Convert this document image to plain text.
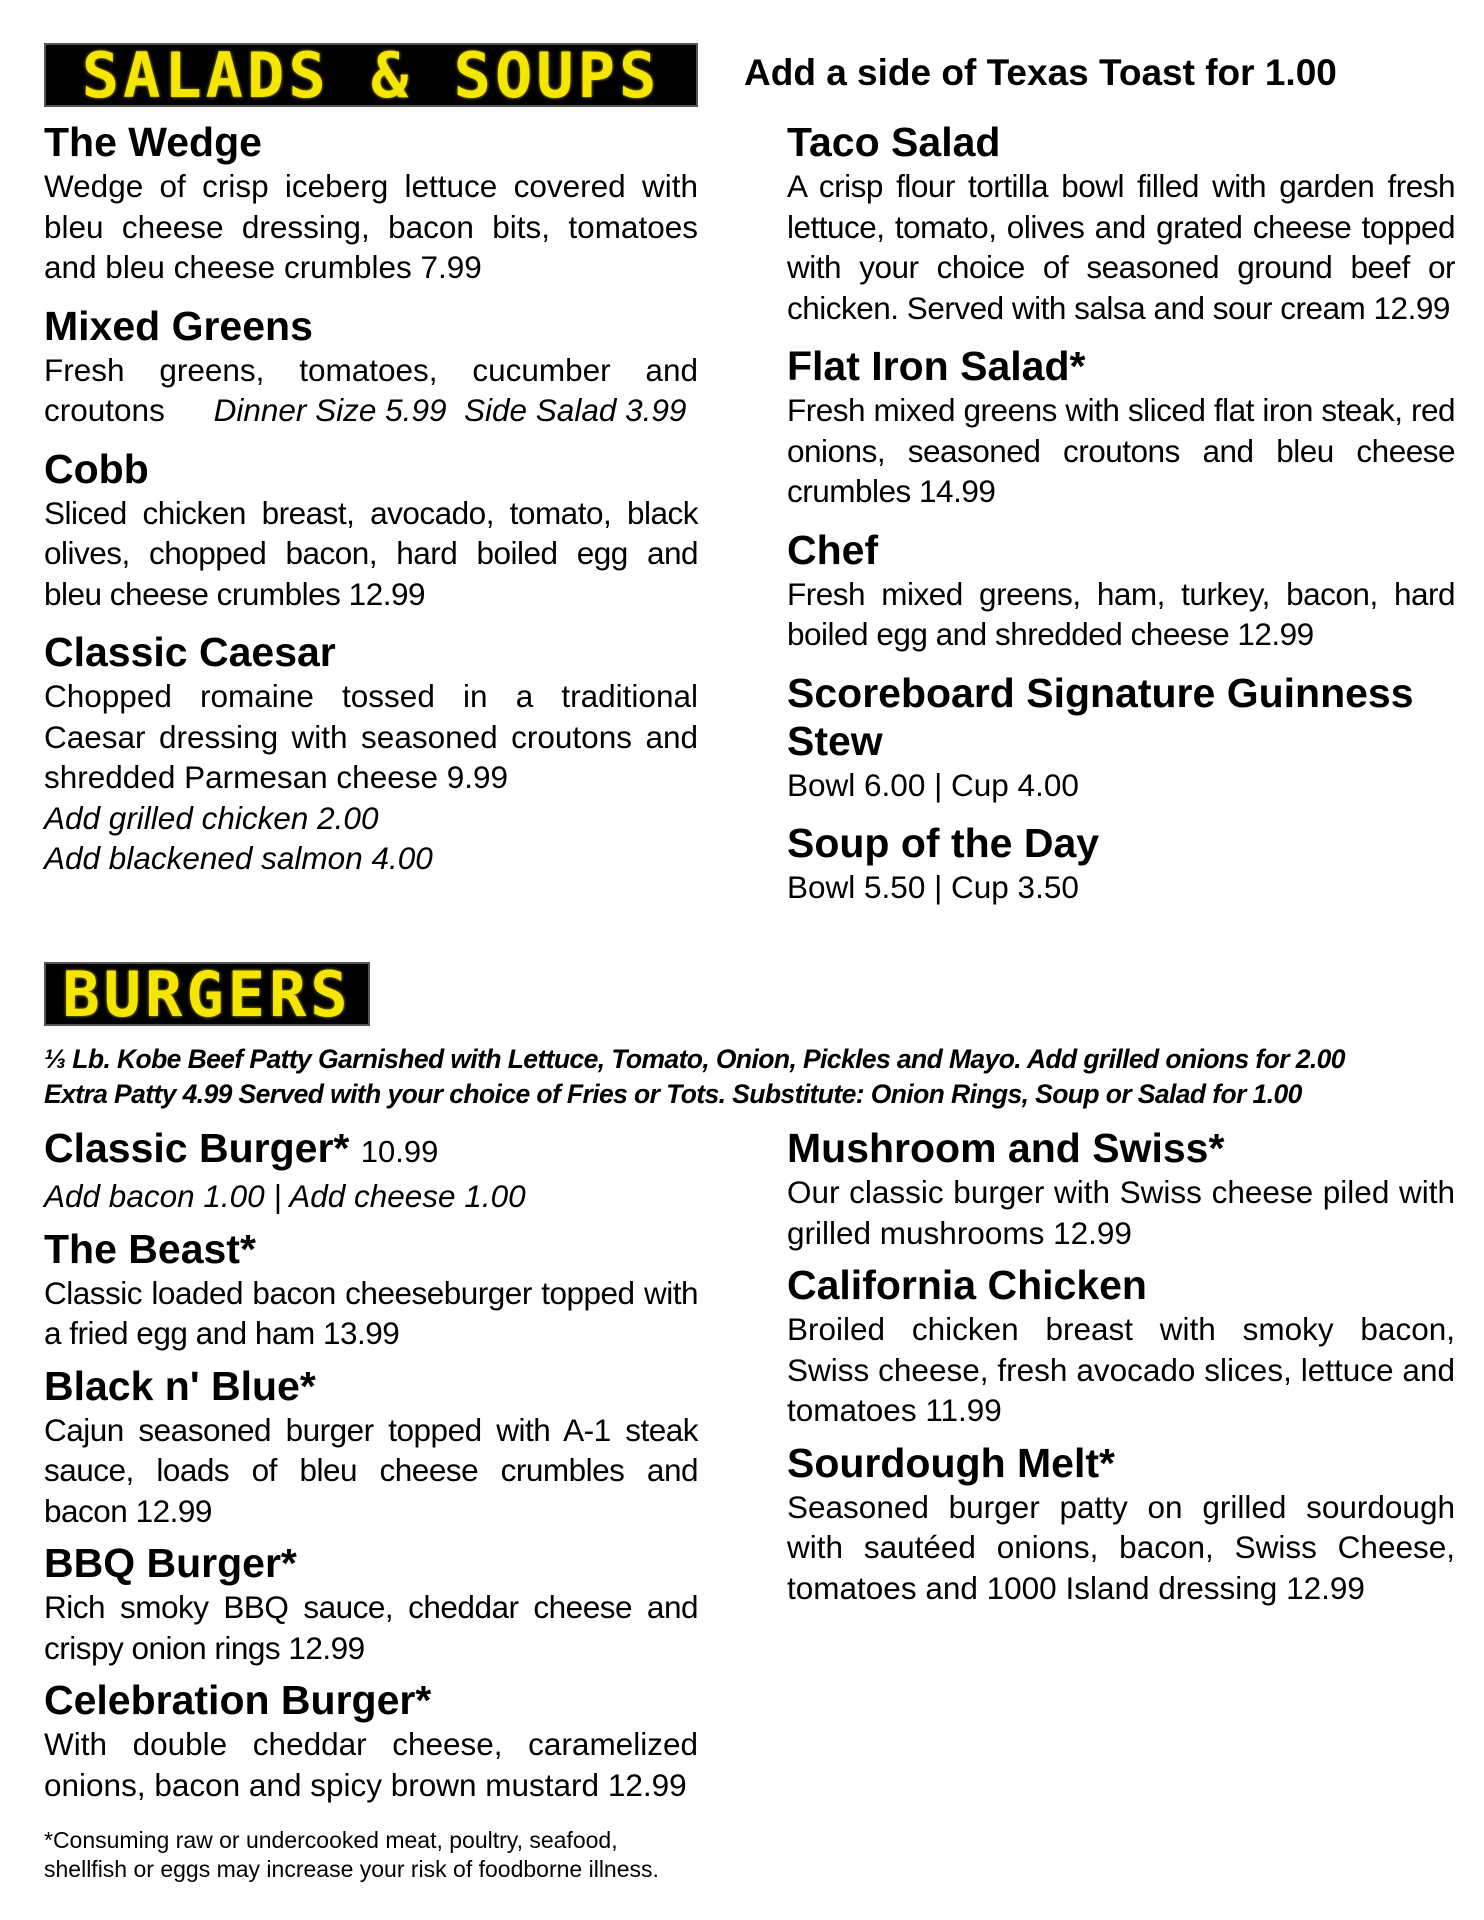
SALADS & SOUPS Add a side of Texas Toast for 1.00

The Wedge

Wedge of crisp iceberg lettuce covered with bleu cheese dressing, bacon bits, tomatoes and bleu cheese crumbles 7.99

Mixed Greens

Fresh greens, tomatoes, cucumber and croutons Dinner Size 5.99 Side Salad 3.99

Cobb

Sliced chicken breast, avocado, tomato, black olives, chopped bacon, hard boiled egg and bleu cheese crumbles 12.99

Classic Caesar

Chopped romaine tossed in a traditional Caesar dressing with seasoned croutons and shredded Parmesan cheese 9.99

Add grilled chicken 2.00

Add blackened salmon 4.00

Taco Salad

A crisp flour tortilla bowl filled with garden fresh lettuce, tomato, olives and grated cheese topped with your choice of seasoned ground beef or chicken. Served with salsa and sour cream 12.99

Flat Iron Salad*

Fresh mixed greens with sliced flat iron steak, red onions, seasoned croutons and bleu cheese crumbles 14.99

Chef

Fresh mixed greens, ham, turkey, bacon, hard boiled egg and shredded cheese 12.99

Scoreboard Signature Guinness Stew

Bowl 6.00 | Cup 4.00

Soup of the Day

Bowl 5.50 | Cup 3.50

BURGERS
⅓ Lb. Kobe Beef Patty Garnished with Lettuce, Tomato, Onion, Pickles and Mayo. Add grilled onions for 2.00
Extra Patty 4.99 Served with your choice of Fries or Tots. Substitute: Onion Rings, Soup or Salad for 1.00

Classic Burger* 10.99

Add bacon 1.00 | Add cheese 1.00

The Beast*

Classic loaded bacon cheeseburger topped with a fried egg and ham 13.99

Black n' Blue*

Cajun seasoned burger topped with A-1 steak sauce, loads of bleu cheese crumbles and bacon 12.99

BBQ Burger*

Rich smoky BBQ sauce, cheddar cheese and crispy onion rings 12.99

Celebration Burger*

With double cheddar cheese, caramelized onions, bacon and spicy brown mustard 12.99

Mushroom and Swiss*

Our classic burger with Swiss cheese piled with grilled mushrooms 12.99

California Chicken

Broiled chicken breast with smoky bacon, Swiss cheese, fresh avocado slices, lettuce and tomatoes 11.99

Sourdough Melt*

Seasoned burger patty on grilled sourdough with sautéed onions, bacon, Swiss Cheese, tomatoes and 1000 Island dressing 12.99

*Consuming raw or undercooked meat, poultry, seafood,
shellfish or eggs may increase your risk of foodborne illness.
